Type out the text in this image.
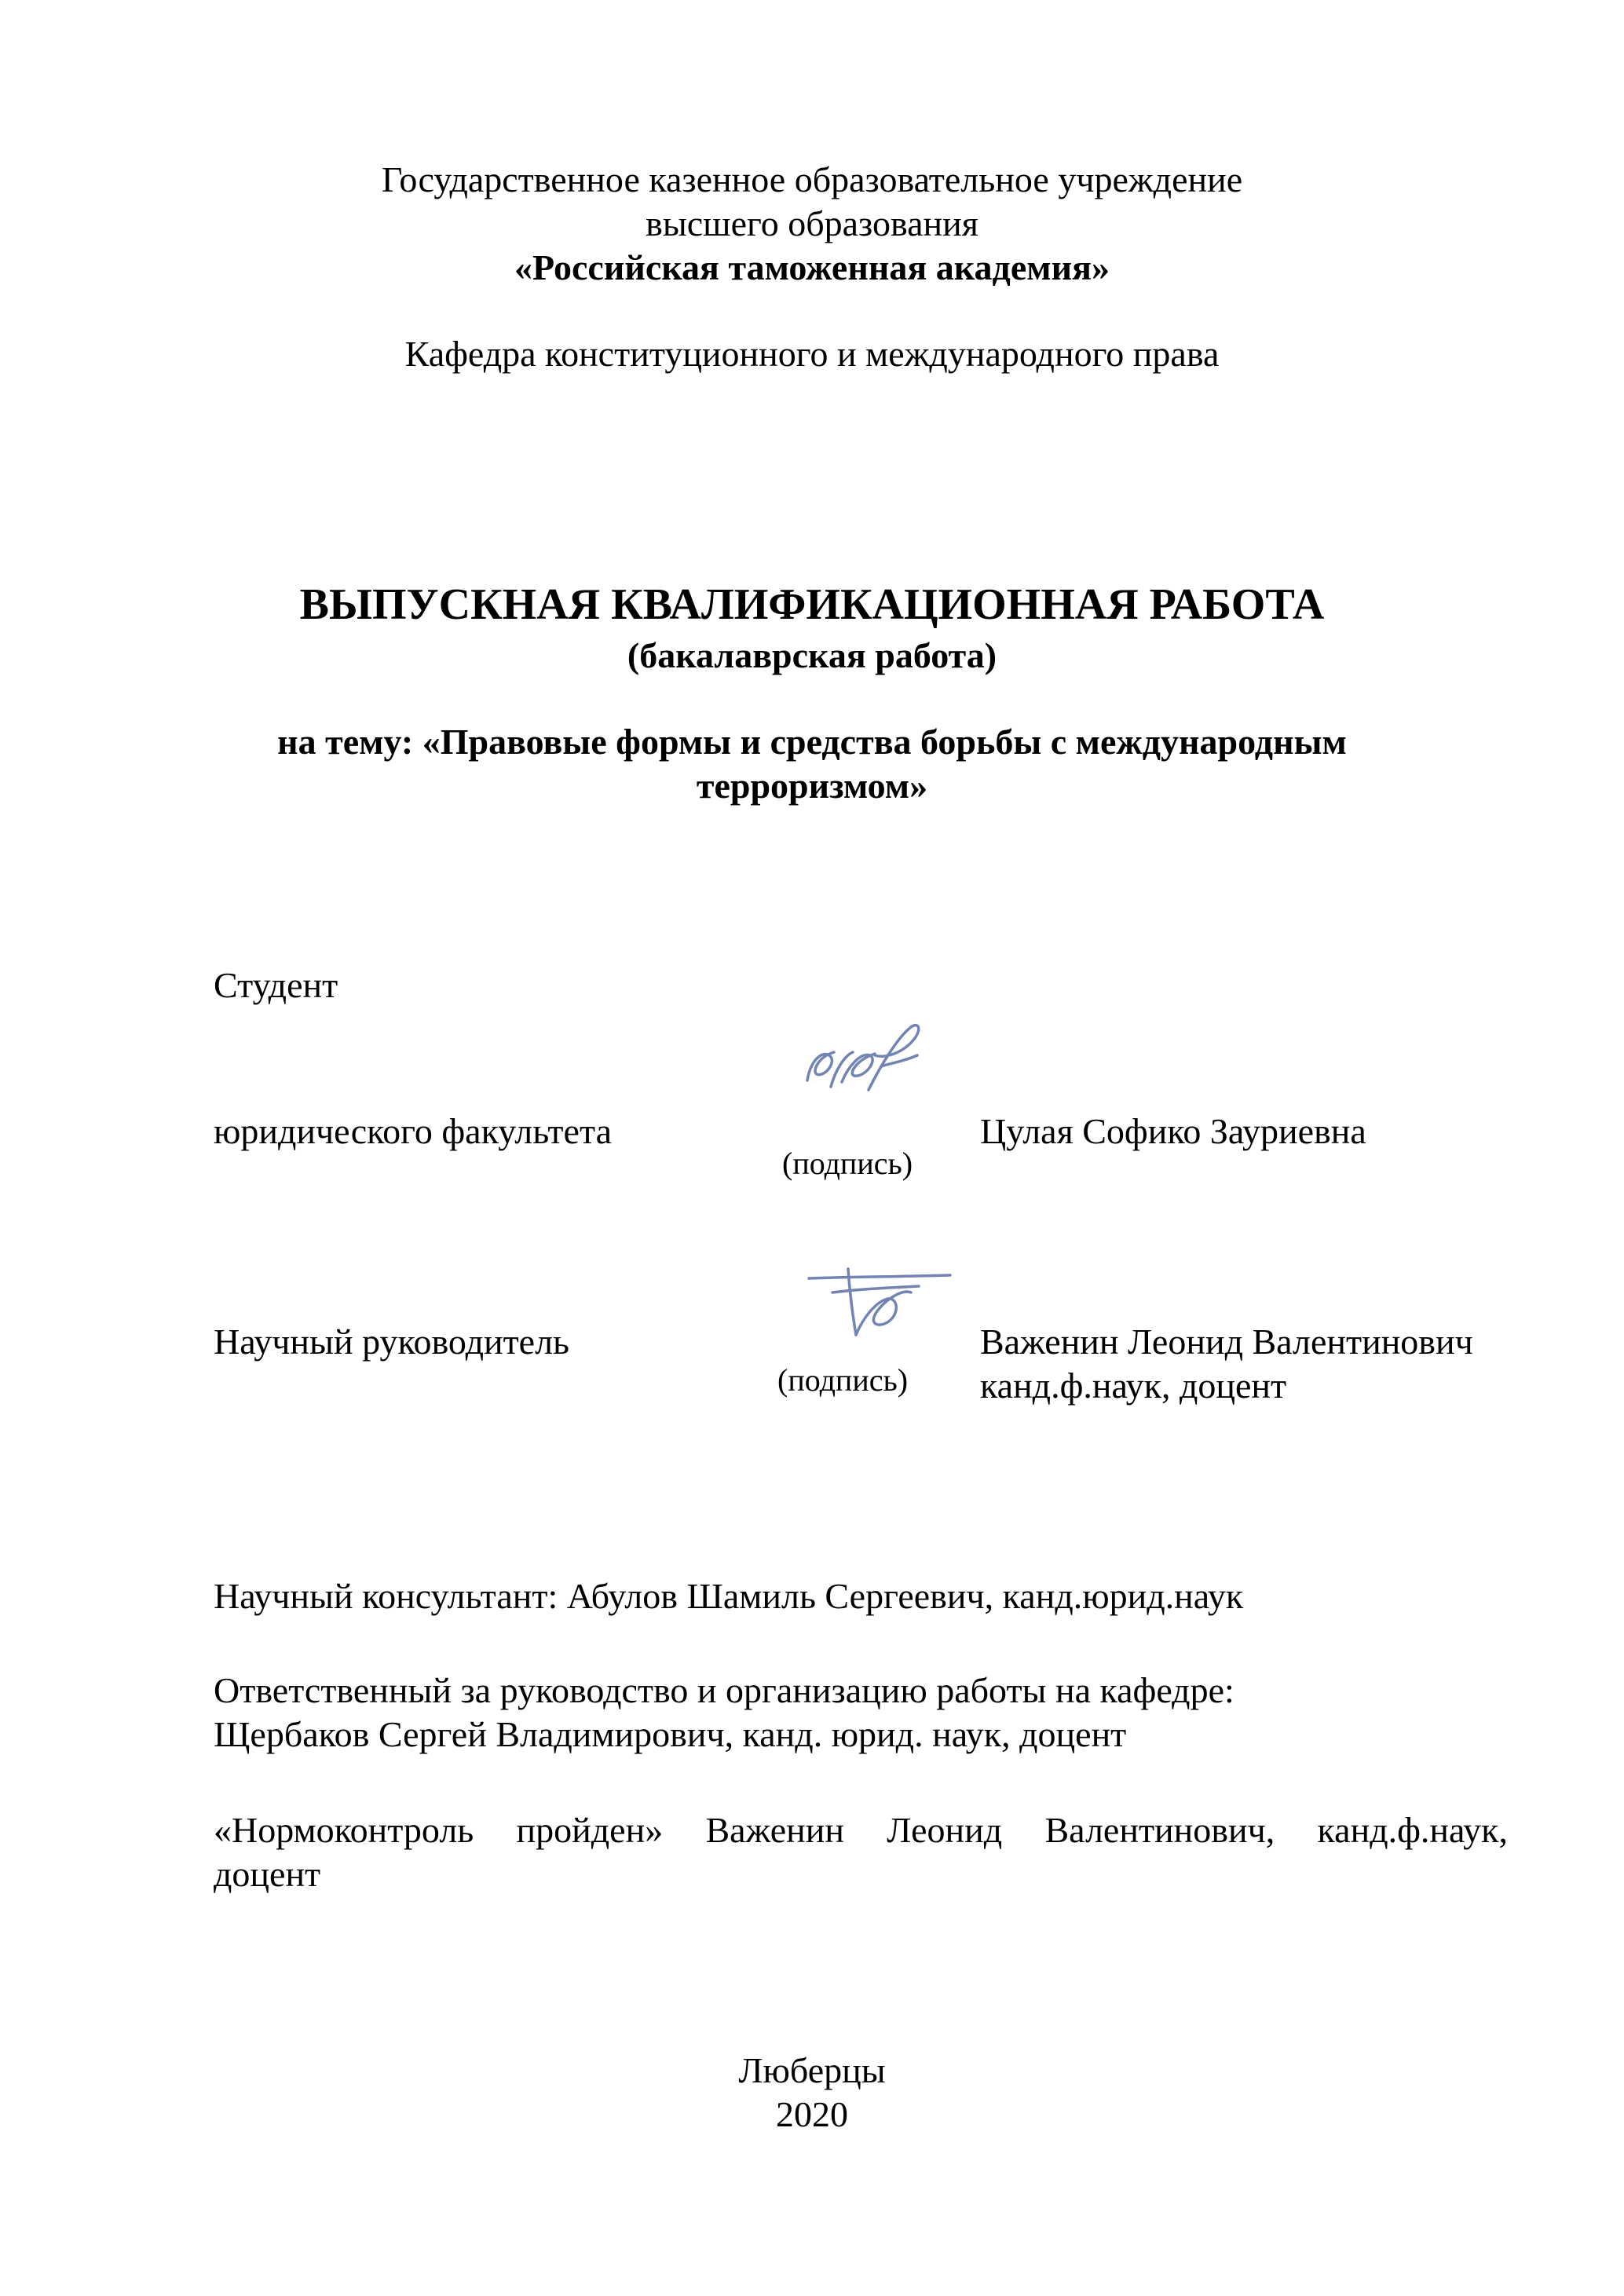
Государственное казенное образовательное учреждение
высшего образования
«Российская таможенная академия»
Кафедра конституционного и международного права
ВЫПУСКНАЯ КВАЛИФИКАЦИОННАЯ РАБОТА
(бакалаврская работа)
на тему: «Правовые формы и средства борьбы с международным
терроризмом»
Студент
юридического факультета
(подпись)
Цулая Софико Зауриевна
Научный руководитель
(подпись)
Важенин Леонид Валентинович
канд.ф.наук, доцент
Научный консультант: Абулов Шамиль Сергеевич, канд.юрид.наук
Ответственный за руководство и организацию работы на кафедре:
Щербаков Сергей Владимирович, канд. юрид. наук, доцент
«Нормоконтроль пройден» Важенин Леонид Валентинович, канд.ф.наук,
доцент
Люберцы
2020
